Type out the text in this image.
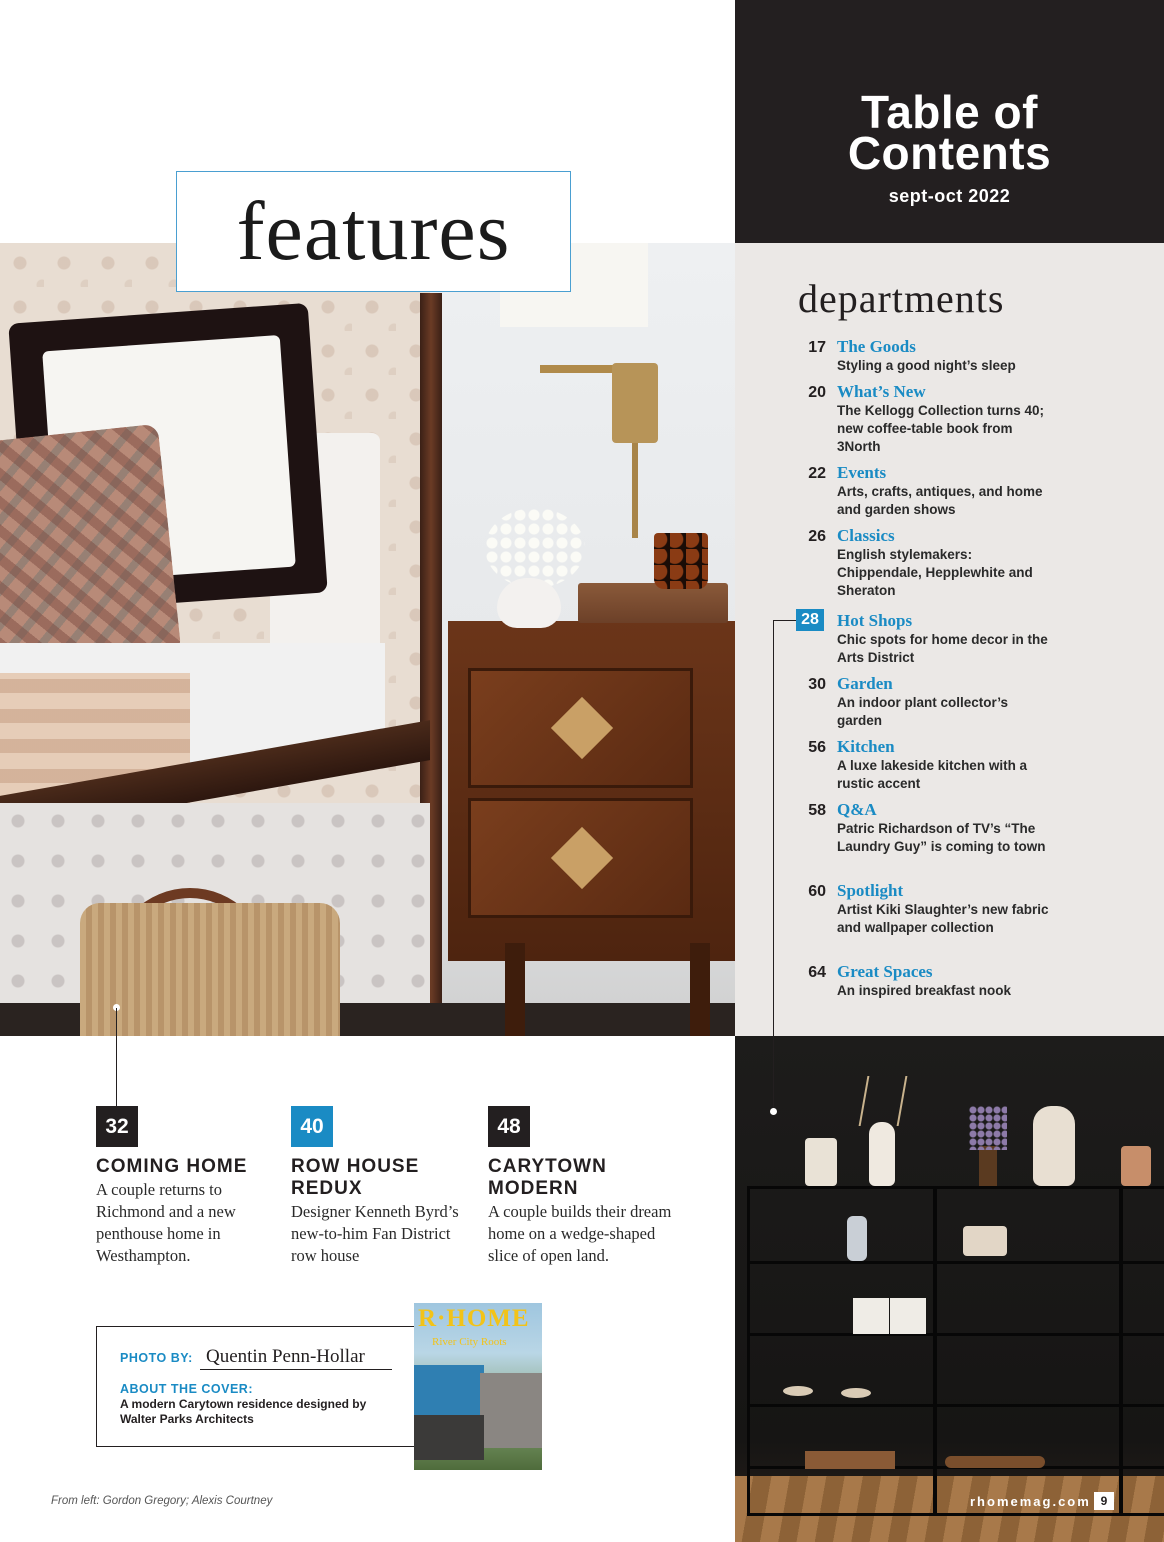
features
Table of
Contents
sept-oct 2022
departments
17 The Goods
Styling a good night’s sleep
20 What’s New
The Kellogg Collection turns 40; new coffee-table book from 3North
22 Events
Arts, crafts, antiques, and home and garden shows
26 Classics
English stylemakers: Chippendale, Hepplewhite and Sheraton
28	Hot Shops
Chic spots for home decor in the Arts District
30 Garden
An indoor plant collector’s garden
56 Kitchen
A luxe lakeside kitchen with a rustic accent
58 Q&A
Patric Richardson of TV’s “The Laundry Guy” is coming to town
60 Spotlight
Artist Kiki Slaughter’s new fabric and wallpaper collection
64 Great Spaces
An inspired breakfast nook
rhomemag.com 9
32
COMING HOME
A couple returns to Richmond and a new penthouse home in Westhampton.
40
ROW HOUSE REDUX
Designer Kenneth Byrd’s new-to-him Fan District row house
48
CARYTOWN MODERN
A couple builds their dream home on a wedge-shaped slice of open land.
PHOTO BY: Quentin Penn-Hollar
ABOUT THE COVER:
A modern Carytown residence designed by Walter Parks Architects
R·HOME
River City Roots
From left: Gordon Gregory; Alexis Courtney
